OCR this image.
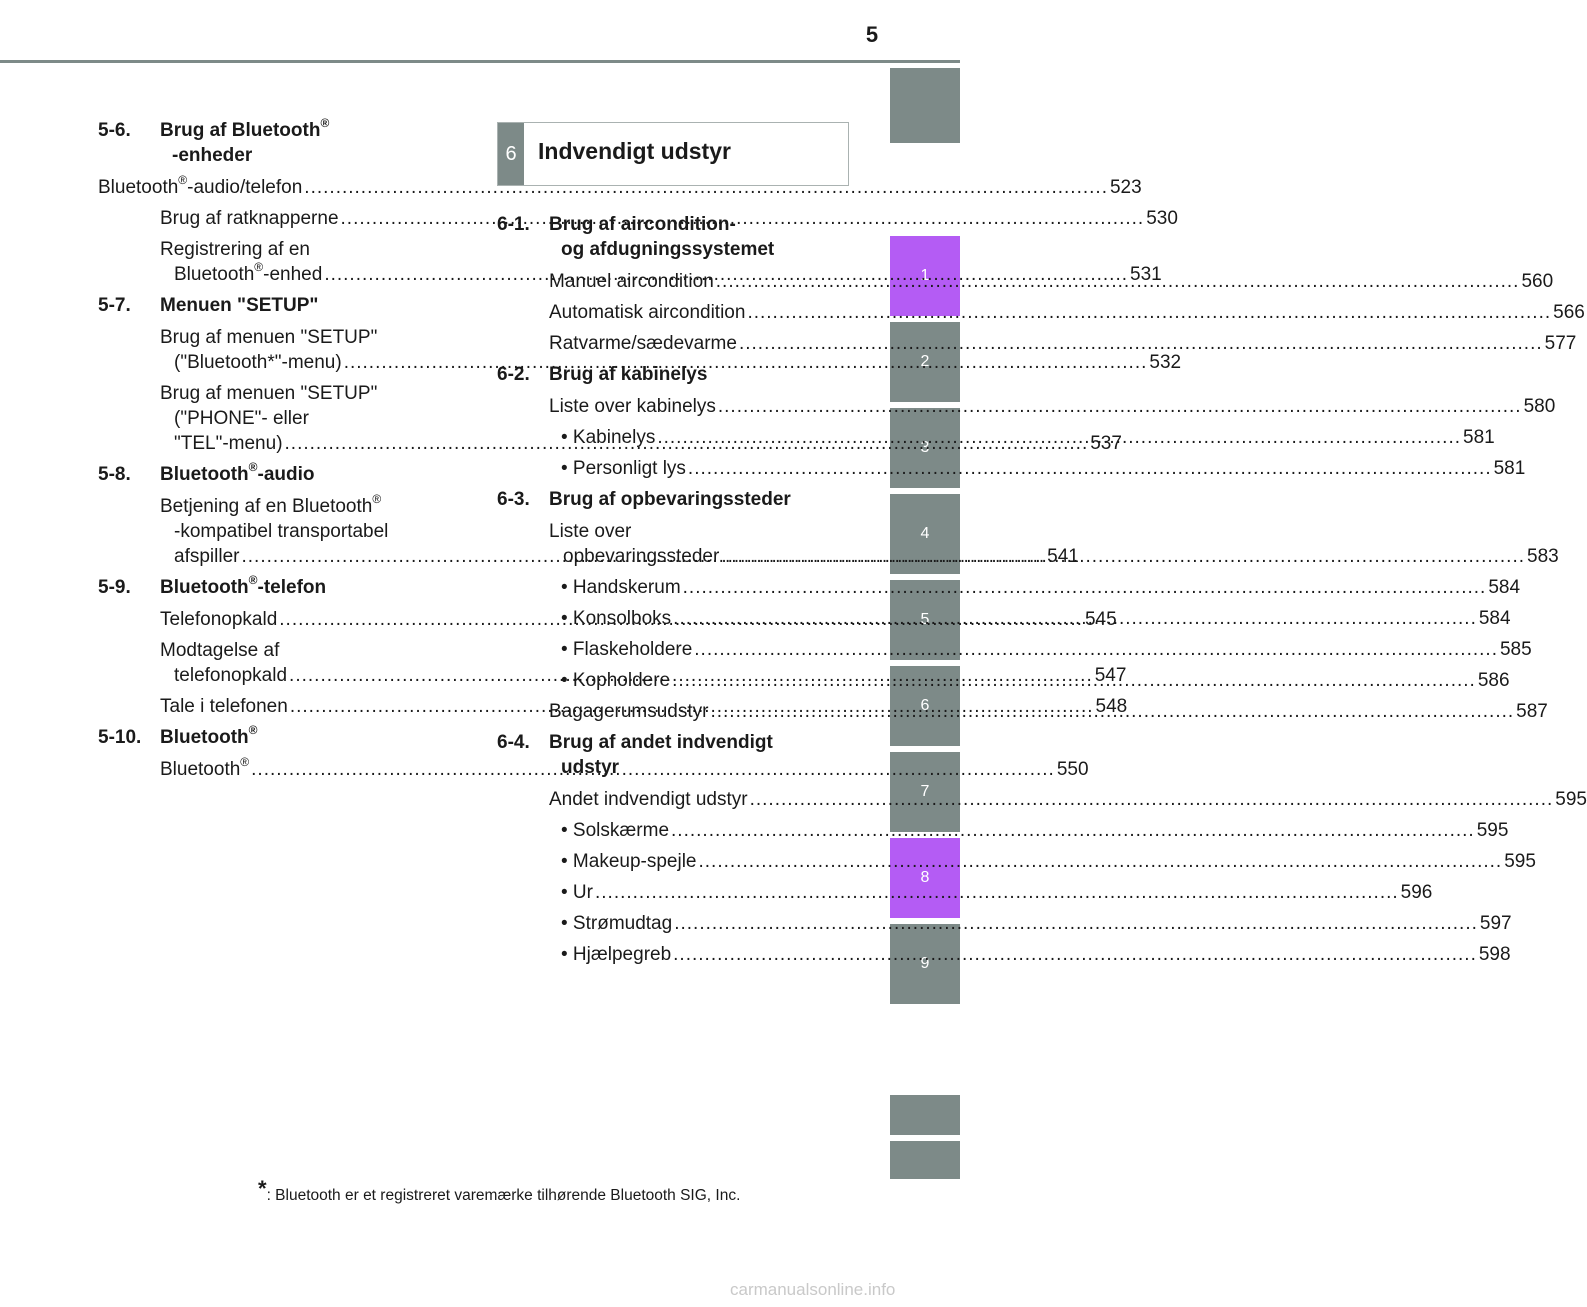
5
1
2
3
4
5
6
7
8
9
5-6. Brug af Bluetooth®
-enheder
Bluetooth®-audio/telefon .....	523
Brug af ratknapperne .....	530
Registrering af en
Bluetooth®-enhed .....	531
5-7. Menuen "SETUP"
Brug af menuen "SETUP"
("Bluetooth*"-menu) .....	532
Brug af menuen "SETUP"
("PHONE"- eller
"TEL"-menu) .....	537
5-8. Bluetooth®-audio
Betjening af en Bluetooth®
-kompatibel transportabel
afspiller .....	541
5-9. Bluetooth®-telefon
Telefonopkald .....	545
Modtagelse af
telefonopkald .....	547
Tale i telefonen .....	548
5-10. Bluetooth®
Bluetooth® .....	550
6 Indvendigt udstyr
6-1. Brug af aircondition-
og afdugningssystemet
Manuel aircondition .....	560
Automatisk aircondition .....	566
Ratvarme/sædevarme .....	577
6-2. Brug af kabinelys
Liste over kabinelys .....	580
• Kabinelys .....	581
• Personligt lys .....	581
6-3. Brug af opbevaringssteder
Liste over
opbevaringssteder .....	583
• Handskerum .....	584
• Konsolboks .....	584
• Flaskeholdere .....	585
• Kopholdere .....	586
Bagagerumsudstyr .....	587
6-4. Brug af andet indvendigt
udstyr
Andet indvendigt udstyr .....	595
• Solskærme .....	595
• Makeup-spejle .....	595
• Ur .....	596
• Strømudtag .....	597
• Hjælpegreb .....	598
*: Bluetooth er et registreret varemærke tilhørende Bluetooth SIG, Inc.
carmanualsonline.info
